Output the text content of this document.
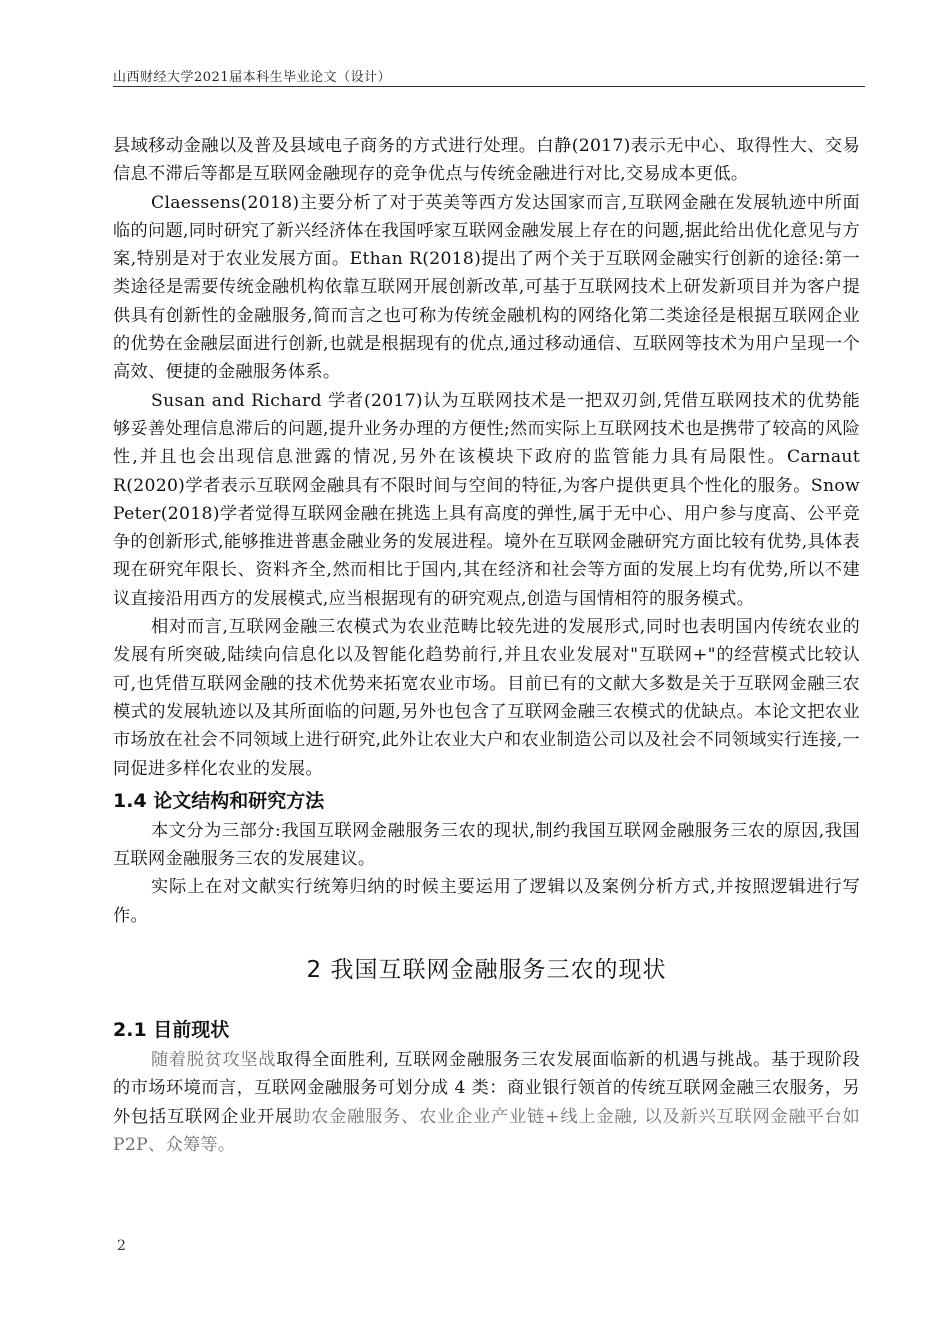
山西财经大学2021届本科生毕业论文（设计）

县域移动金融以及普及县域电子商务的方式进行处理。白静(2017)表示无中心、取得性大、交易信息不滞后等都是互联网金融现存的竞争优点与传统金融进行对比,交易成本更低。

Claessens(2018)主要分析了对于英美等西方发达国家而言,互联网金融在发展轨迹中所面临的问题,同时研究了新兴经济体在我国呼家互联网金融发展上存在的问题,据此给出优化意见与方案,特别是对于农业发展方面。Ethan R(2018)提出了两个关于互联网金融实行创新的途径:第一类途径是需要传统金融机构依靠互联网开展创新改革,可基于互联网技术上研发新项目并为客户提供具有创新性的金融服务,简而言之也可称为传统金融机构的网络化第二类途径是根据互联网企业的优势在金融层面进行创新,也就是根据现有的优点,通过移动通信、互联网等技术为用户呈现一个高效、便捷的金融服务体系。

Susan and Richard 学者(2017)认为互联网技术是一把双刃剑,凭借互联网技术的优势能够妥善处理信息滞后的问题,提升业务办理的方便性;然而实际上互联网技术也是携带了较高的风险性,并且也会出现信息泄露的情况,另外在该模块下政府的监管能力具有局限性。Carnaut R(2020)学者表示互联网金融具有不限时间与空间的特征,为客户提供更具个性化的服务。Snow Peter(2018)学者觉得互联网金融在挑选上具有高度的弹性,属于无中心、用户参与度高、公平竞争的创新形式,能够推进普惠金融业务的发展进程。境外在互联网金融研究方面比较有优势,具体表现在研究年限长、资料齐全,然而相比于国内,其在经济和社会等方面的发展上均有优势,所以不建议直接沿用西方的发展模式,应当根据现有的研究观点,创造与国情相符的服务模式。

相对而言,互联网金融三农模式为农业范畴比较先进的发展形式,同时也表明国内传统农业的发展有所突破,陆续向信息化以及智能化趋势前行,并且农业发展对"互联网+"的经营模式比较认可,也凭借互联网金融的技术优势来拓宽农业市场。目前已有的文献大多数是关于互联网金融三农模式的发展轨迹以及其所面临的问题,另外也包含了互联网金融三农模式的优缺点。本论文把农业市场放在社会不同领域上进行研究,此外让农业大户和农业制造公司以及社会不同领域实行连接,一同促进多样化农业的发展。

1.4 论文结构和研究方法

本文分为三部分:我国互联网金融服务三农的现状,制约我国互联网金融服务三农的原因,我国互联网金融服务三农的发展建议。

实际上在对文献实行统筹归纳的时候主要运用了逻辑以及案例分析方式,并按照逻辑进行写作。

2 我国互联网金融服务三农的现状
2.1 目前现状

随着脱贫攻坚战取得全面胜利, 互联网金融服务三农发展面临新的机遇与挑战。基于现阶段的市场环境而言，互联网金融服务可划分成 4 类：商业银行领首的传统互联网金融三农服务，另外包括互联网企业开展助农金融服务、农业企业产业链+线上金融, 以及新兴互联网金融平台如 P2P、众筹等。

2
